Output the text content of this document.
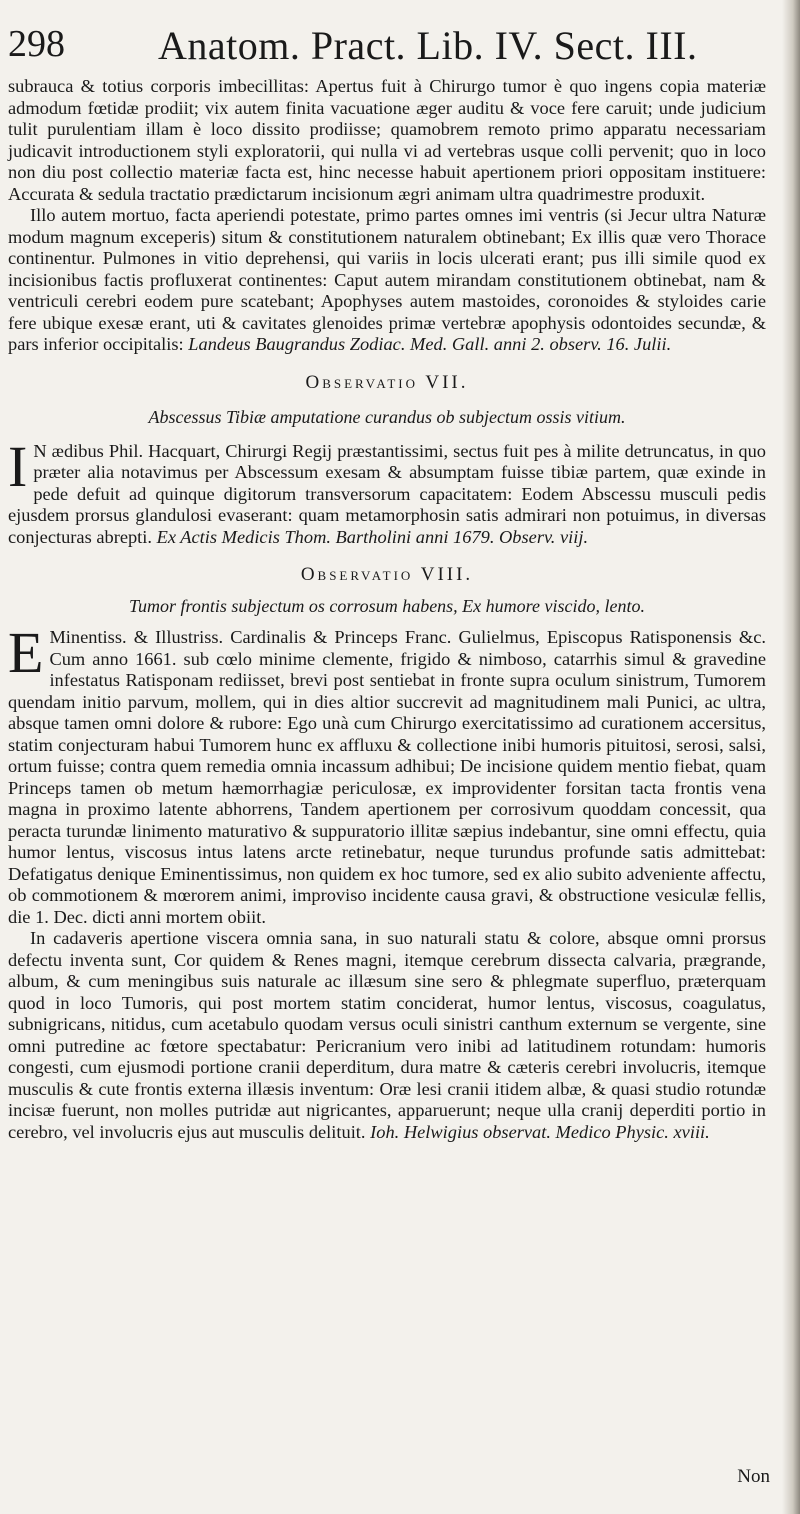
298 Anatom. Pract. Lib. IV. Sect. III.

subrauca & totius corporis imbecillitas: Apertus fuit à Chirurgo tumor è quo ingens copia materiæ admodum fœtidæ prodiit; vix autem finita vacuatione æger auditu & voce fere caruit; unde judicium tulit purulentiam illam è loco dissito prodiisse; quamobrem remoto primo apparatu necessariam judicavit introductionem styli exploratorii, qui nulla vi ad vertebras usque colli pervenit; quo in loco non diu post collectio materiæ facta est, hinc necesse habuit apertionem priori oppositam instituere: Accurata & sedula tractatio prædictarum incisionum ægri animam ultra quadrimestre produxit.

Illo autem mortuo, facta aperiendi potestate, primo partes omnes imi ventris (si Jecur ultra Naturæ modum magnum exceperis) situm & constitutionem naturalem obtinebant; Ex illis quæ vero Thorace continentur. Pulmones in vitio deprehensi, qui variis in locis ulcerati erant; pus illi simile quod ex incisionibus factis profluxerat continentes: Caput autem mirandam constitutionem obtinebat, nam & ventriculi cerebri eodem pure scatebant; Apophyses autem mastoides, coronoides & styloides carie fere ubique exesæ erant, uti & cavitates glenoides primæ vertebræ apophysis odontoides secundæ, & pars inferior occipitalis: Landeus Baugrandus Zodiac. Med. Gall. anni 2. observ. 16. Julii.

Observatio VII.

Abscessus Tibiæ amputatione curandus ob subjectum ossis vitium.

I N ædibus Phil. Hacquart, Chirurgi Regij præstantissimi, sectus fuit pes à milite detruncatus, in quo præter alia notavimus per Abscessum exesam & absumptam fuisse tibiæ partem, quæ exinde in pede defuit ad quinque digitorum transversorum capacitatem: Eodem Abscessu musculi pedis ejusdem prorsus glandulosi evaserant: quam metamorphosin satis admirari non potuimus, in diversas conjecturas abrepti. Ex Actis Medicis Thom. Bartholini anni 1679. Observ. viij.

Observatio VIII.

Tumor frontis subjectum os corrosum habens, Ex humore viscido, lento.

E Minentiss. & Illustriss. Cardinalis & Princeps Franc. Gulielmus, Episcopus Ratisponensis &c. Cum anno 1661. sub cœlo minime clemente, frigido & nimboso, catarrhis simul & gravedine infestatus Ratisponam rediisset, brevi post sentiebat in fronte supra oculum sinistrum, Tumorem quendam initio parvum, mollem, qui in dies altior succrevit ad magnitudinem mali Punici, ac ultra, absque tamen omni dolore & rubore: Ego unà cum Chirurgo exercitatissimo ad curationem accersitus, statim conjecturam habui Tumorem hunc ex affluxu & collectione inibi humoris pituitosi, serosi, salsi, ortum fuisse; contra quem remedia omnia incassum adhibui; De incisione quidem mentio fiebat, quam Princeps tamen ob metum hæmorrhagiæ periculosæ, ex improvidenter forsitan tacta frontis vena magna in proximo latente abhorrens, Tandem apertionem per corrosivum quoddam concessit, qua peracta turundæ linimento maturativo & suppuratorio illitæ sæpius indebantur, sine omni effectu, quia humor lentus, viscosus intus latens arcte retinebatur, neque turundus profunde satis admittebat: Defatigatus denique Eminentissimus, non quidem ex hoc tumore, sed ex alio subito adveniente affectu, ob commotionem & mœrorem animi, improviso incidente causa gravi, & obstructione vesiculæ fellis, die 1. Dec. dicti anni mortem obiit.

In cadaveris apertione viscera omnia sana, in suo naturali statu & colore, absque omni prorsus defectu inventa sunt, Cor quidem & Renes magni, itemque cerebrum dissecta calvaria, prægrande, album, & cum meningibus suis naturale ac illæsum sine sero & phlegmate superfluo, præterquam quod in loco Tumoris, qui post mortem statim conciderat, humor lentus, viscosus, coagulatus, subnigricans, nitidus, cum acetabulo quodam versus oculi sinistri canthum externum se vergente, sine omni putredine ac fœtore spectabatur: Pericranium vero inibi ad latitudinem rotundam: humoris congesti, cum ejusmodi portione cranii deperditum, dura matre & cæteris cerebri involucris, itemque musculis & cute frontis externa illæsis inventum: Oræ lesi cranii itidem albæ, & quasi studio rotundæ incisæ fuerunt, non molles putridæ aut nigricantes, apparuerunt; neque ulla cranij deperditi portio in cerebro, vel involucris ejus aut musculis delituit. Ioh. Helwigius observat. Medico Physic. xviii.

Non
